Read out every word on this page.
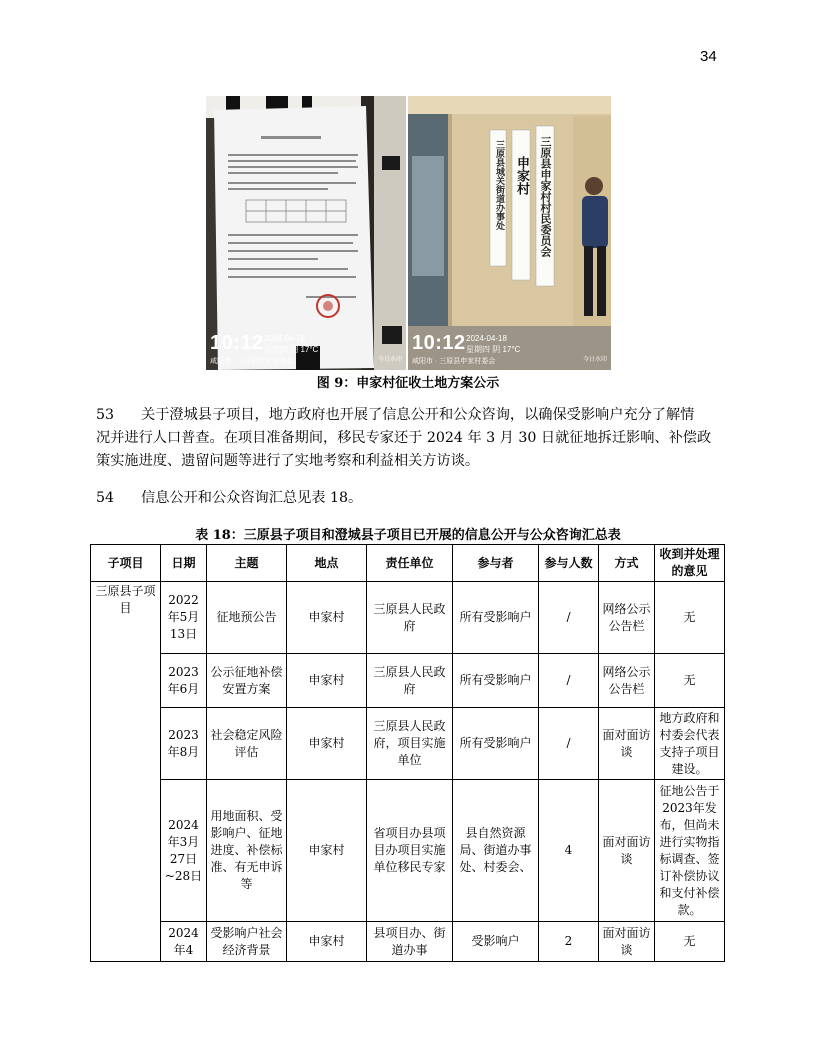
34
10:12 2024-04-18
星期四 阴 17°C
咸阳市 · 三原县申家村委会	今日水印
三原县城关街道办事处 申家村 三原县申家村村民委员会
10:12 2024-04-18
星期四 阴 17°C
咸阳市 · 三原县申家村委会	今日水印
图 9：申家村征收土地方案公示

53 关于澄城县子项目，地方政府也开展了信息公开和公众咨询，以确保受影响户充分了解情

况并进行人口普查。在项目准备期间，移民专家还于 2024 年 3 月 30 日就征地拆迁影响、补偿政策实施进度、遗留问题等进行了实地考察和利益相关方访谈。

54 信息公开和公众咨询汇总见表 18。

表 18：三原县子项目和澄城县子项目已开展的信息公开与公众咨询汇总表
子项目	日期	主题	地点	责任单位	参与者	参与人数	方式	收到并处理的意见
三原县子项目	2022年5月13日	征地预公告	申家村	三原县人民政府	所有受影响户	/	网络公示公告栏	无
	2023年6月	公示征地补偿安置方案	申家村	三原县人民政府	所有受影响户	/	网络公示公告栏	无
	2023年8月	社会稳定风险评估	申家村	三原县人民政府，项目实施单位	所有受影响户	/	面对面访谈	地方政府和村委会代表支持子项目建设。
	2024年3月27日~28日	用地面积、受影响户、征地进度、补偿标准、有无申诉等	申家村	省项目办县项目办项目实施单位移民专家	县自然资源局、街道办事处、村委会、	4	面对面访谈	征地公告于2023年发布，但尚未进行实物指标调查、签订补偿协议和支付补偿款。
	2024年4	受影响户社会经济背景	申家村	县项目办、街道办事	受影响户	2	面对面访谈	无
